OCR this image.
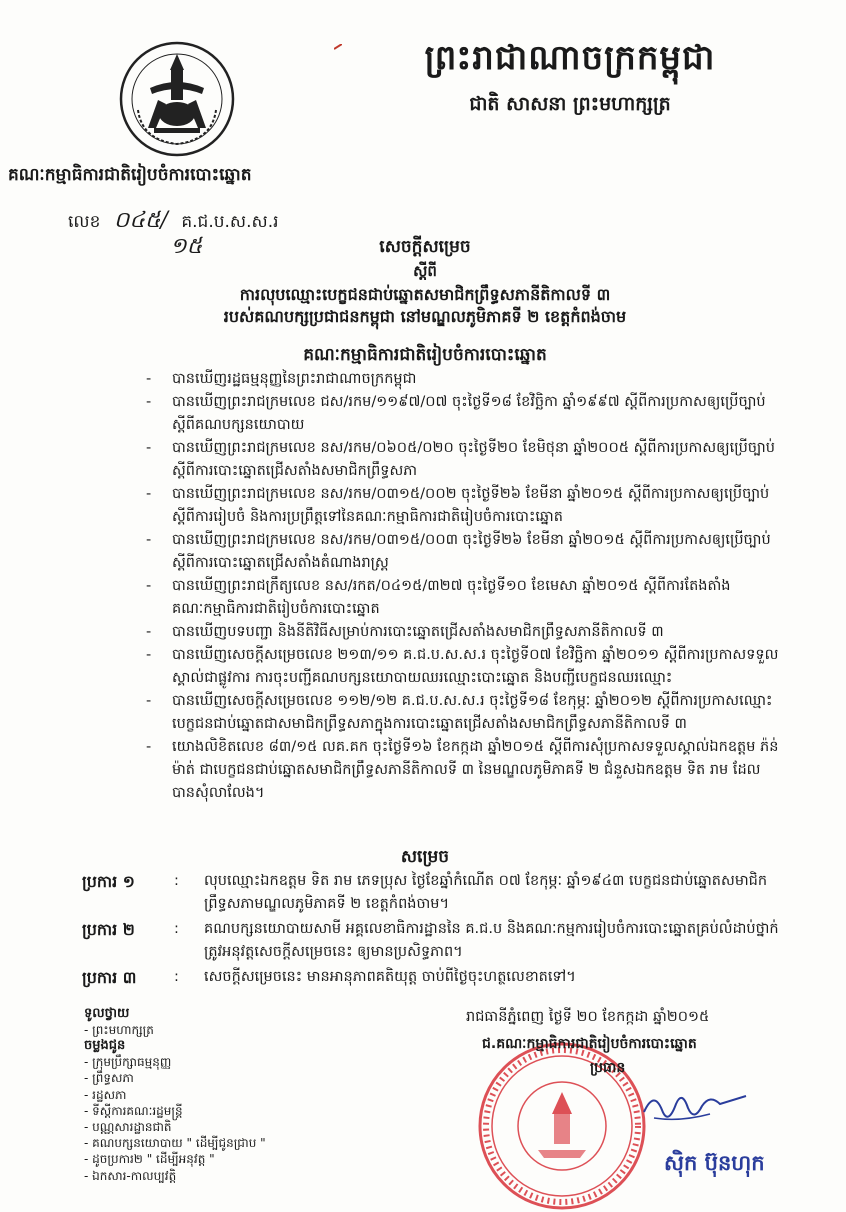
ព្រះរាជាណាចក្រកម្ពុជា
ជាតិ សាសនា ព្រះមហាក្សត្រ
គណៈកម្មាធិការជាតិរៀបចំការបោះឆ្នោត
លេខ ០៤៥/ គ.ជ.ប.ស.ស.រ
១៥	សេចក្ដីសម្រេច
ស្ដីពី
ការលុបឈ្មោះបេក្ខជនជាប់ឆ្នោតសមាជិកព្រឹទ្ធសភានីតិកាលទី ៣
របស់គណបក្សប្រជាជនកម្ពុជា នៅមណ្ឌលភូមិភាគទី ២ ខេត្តកំពង់ចាម
គណៈកម្មាធិការជាតិរៀបចំការបោះឆ្នោត
- បានឃើញរដ្ឋធម្មនុញ្ញនៃព្រះរាជាណាចក្រកម្ពុជា
- បានឃើញព្រះរាជក្រមលេខ ជស/រកម/១១៩៧/០៧ ចុះថ្ងៃទី១៨ ខែវិច្ឆិកា ឆ្នាំ១៩៩៧ ស្ដីពីការប្រកាសឲ្យប្រើច្បាប់ស្ដីពីគណបក្សនយោបាយ
- បានឃើញព្រះរាជក្រមលេខ នស/រកម/០៦០៥/០២០ ចុះថ្ងៃទី២០ ខែមិថុនា ឆ្នាំ២០០៥ ស្ដីពីការប្រកាសឲ្យប្រើច្បាប់ស្ដីពីការបោះឆ្នោតជ្រើសតាំងសមាជិកព្រឹទ្ធសភា
- បានឃើញព្រះរាជក្រមលេខ នស/រកម/០៣១៥/០០២ ចុះថ្ងៃទី២៦ ខែមីនា ឆ្នាំ២០១៥ ស្ដីពីការប្រកាសឲ្យប្រើច្បាប់ស្ដីពីការរៀបចំ និងការប្រព្រឹត្តទៅនៃគណៈកម្មាធិការជាតិរៀបចំការបោះឆ្នោត
- បានឃើញព្រះរាជក្រមលេខ នស/រកម/០៣១៥/០០៣ ចុះថ្ងៃទី២៦ ខែមីនា ឆ្នាំ២០១៥ ស្ដីពីការប្រកាសឲ្យប្រើច្បាប់ស្ដីពីការបោះឆ្នោតជ្រើសតាំងតំណាងរាស្ត្រ
- បានឃើញព្រះរាជក្រឹត្យលេខ នស/រកត/០៤១៥/៣២៧ ចុះថ្ងៃទី១០ ខែមេសា ឆ្នាំ២០១៥ ស្ដីពីការតែងតាំងគណៈកម្មាធិការជាតិរៀបចំការបោះឆ្នោត
- បានឃើញបទបញ្ជា និងនីតិវិធីសម្រាប់ការបោះឆ្នោតជ្រើសតាំងសមាជិកព្រឹទ្ធសភានីតិកាលទី ៣
- បានឃើញសេចក្ដីសម្រេចលេខ ២១៣/១១ គ.ជ.ប.ស.ស.រ ចុះថ្ងៃទី០៧ ខែវិច្ឆិកា ឆ្នាំ២០១១ ស្ដីពីការប្រកាសទទួលស្គាល់ជាផ្លូវការ ការចុះបញ្ជីគណបក្សនយោបាយឈរឈ្មោះបោះឆ្នោត និងបញ្ជីបេក្ខជនឈរឈ្មោះ
- បានឃើញសេចក្ដីសម្រេចលេខ ១១២/១២ គ.ជ.ប.ស.ស.រ ចុះថ្ងៃទី១៨ ខែកុម្ភៈ ឆ្នាំ២០១២ ស្ដីពីការប្រកាសឈ្មោះបេក្ខជនជាប់ឆ្នោតជាសមាជិកព្រឹទ្ធសភាក្នុងការបោះឆ្នោតជ្រើសតាំងសមាជិកព្រឹទ្ធសភានីតិកាលទី ៣
- យោងលិខិតលេខ ៨៣/១៥ លគ.គក ចុះថ្ងៃទី១៦ ខែកក្កដា ឆ្នាំ២០១៥ ស្ដីពីការសុំប្រកាសទទួលស្គាល់ឯកឧត្តម ភ៉ន់ ម៉ាត់ ជាបេក្ខជនជាប់ឆ្នោតសមាជិកព្រឹទ្ធសភានីតិកាលទី ៣ នៃមណ្ឌលភូមិភាគទី ២ ជំនួសឯកឧត្តម ទិត រាម ដែលបានសុំលាលែង។
សម្រេច
ប្រការ ១	: លុបឈ្មោះឯកឧត្តម ទិត រាម ភេទប្រុស ថ្ងៃខែឆ្នាំកំណើត ០៧ ខែកុម្ភៈ ឆ្នាំ១៩៤៣ បេក្ខជនជាប់ឆ្នោតសមាជិកព្រឹទ្ធសភាមណ្ឌលភូមិភាគទី ២ ខេត្តកំពង់ចាម។
ប្រការ ២	: គណបក្សនយោបាយសាមី អគ្គលេខាធិការដ្ឋាននៃ គ.ជ.ប និងគណៈកម្មការរៀបចំការបោះឆ្នោតគ្រប់លំដាប់ថ្នាក់ ត្រូវអនុវត្តសេចក្ដីសម្រេចនេះ ឲ្យមានប្រសិទ្ធភាព។
ប្រការ ៣	: សេចក្ដីសម្រេចនេះ មានអានុភាពគតិយុត្ត ចាប់ពីថ្ងៃចុះហត្ថលេខាតទៅ។
រាជធានីភ្នំពេញ ថ្ងៃទី ២០ ខែកក្កដា ឆ្នាំ២០១៥
ជ.គណៈកម្មាធិការជាតិរៀបចំការបោះឆ្នោត
ប្រធាន
ស៊ិក ប៊ុនហុក
ទូលថ្វាយ
- ព្រះមហាក្សត្រ
ចម្លងជូន
- ក្រុមប្រឹក្សាធម្មនុញ្ញ
- ព្រឹទ្ធសភា
- រដ្ឋសភា
- ទីស្ដីការគណៈរដ្ឋមន្ត្រី
- បណ្ណសារដ្ឋានជាតិ
- គណបក្សនយោបាយ " ដើម្បីជូនជ្រាប "
- ដូចប្រការ២ " ដើម្បីអនុវត្ត "
- ឯកសារ-កាលប្បវត្តិ
